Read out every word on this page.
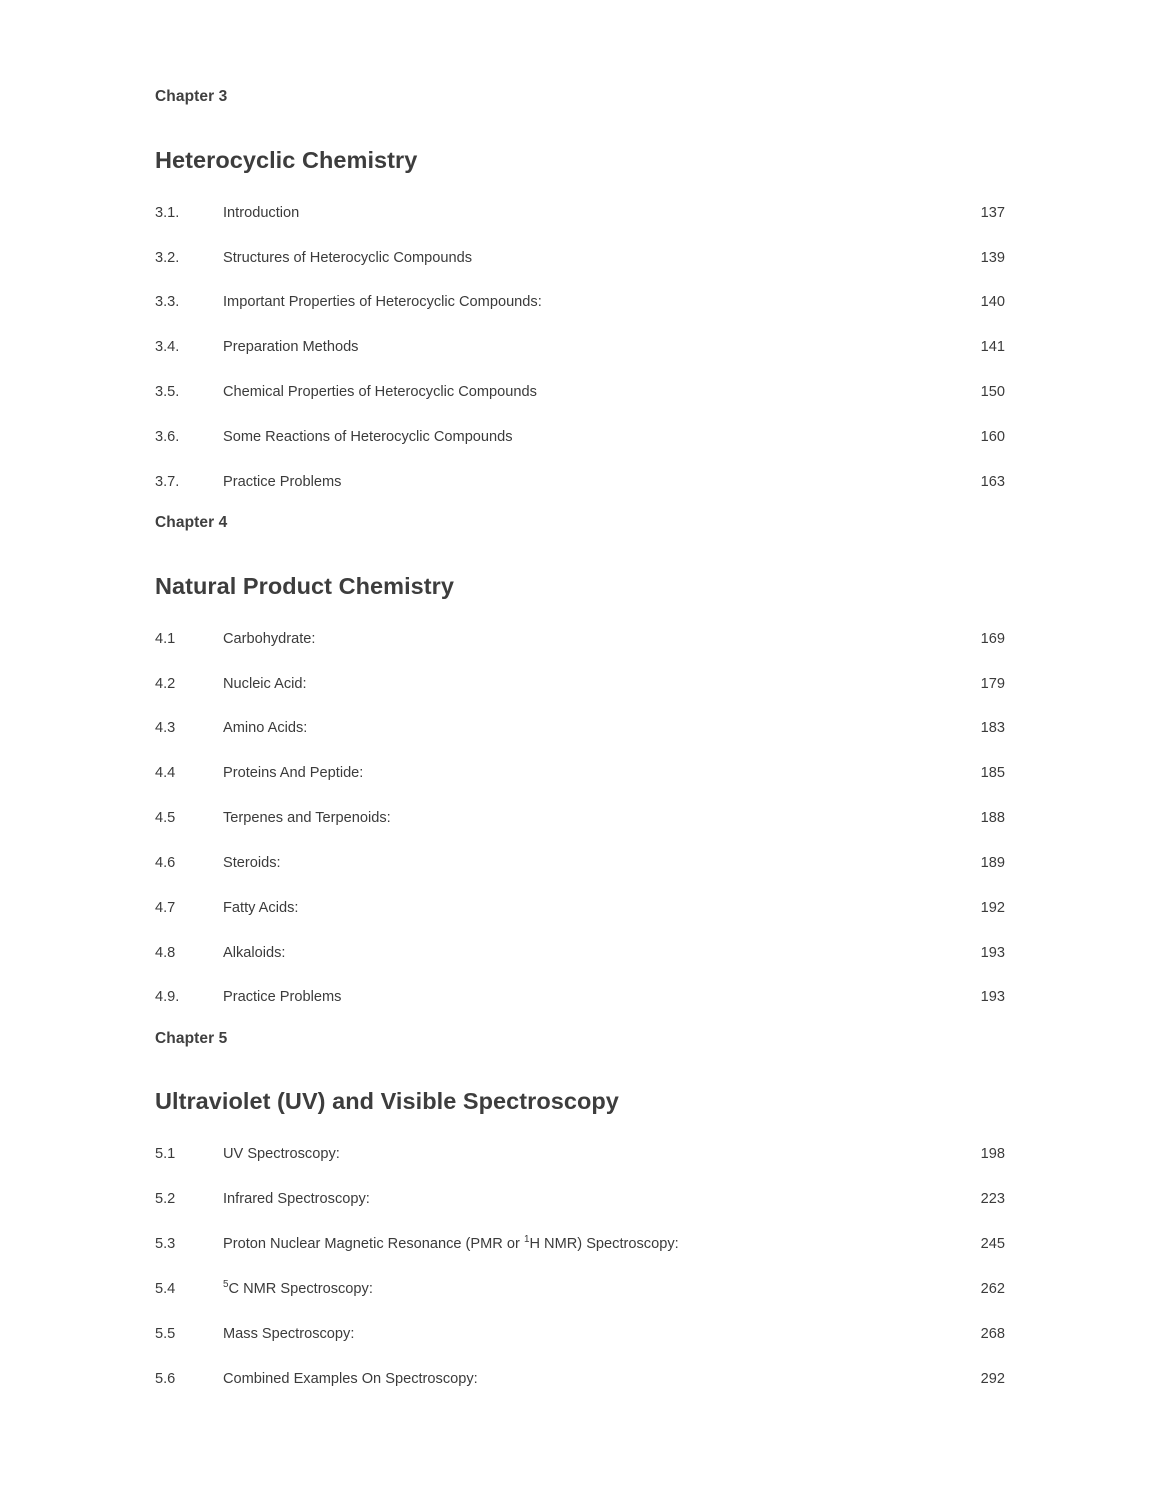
Chapter 3
Heterocyclic Chemistry
3.1.	Introduction	137
3.2.	Structures of Heterocyclic Compounds	139
3.3.	Important Properties of Heterocyclic Compounds:	140
3.4.	Preparation Methods	141
3.5.	Chemical Properties of Heterocyclic Compounds	150
3.6.	Some Reactions of Heterocyclic Compounds	160
3.7.	Practice Problems	163
Chapter 4
Natural Product Chemistry
4.1	Carbohydrate:	169
4.2	Nucleic Acid:	179
4.3	Amino Acids:	183
4.4	Proteins And Peptide:	185
4.5	Terpenes and Terpenoids:	188
4.6	Steroids:	189
4.7	Fatty Acids:	192
4.8	Alkaloids:	193
4.9.	Practice Problems	193
Chapter 5
Ultraviolet (UV) and Visible Spectroscopy
5.1	UV Spectroscopy:	198
5.2	Infrared Spectroscopy:	223
5.3	Proton Nuclear Magnetic Resonance (PMR or $^1$H NMR) Spectroscopy:	245
5.4	$^5$C NMR Spectroscopy:	262
5.5	Mass Spectroscopy:	268
5.6	Combined Examples On Spectroscopy:	292
